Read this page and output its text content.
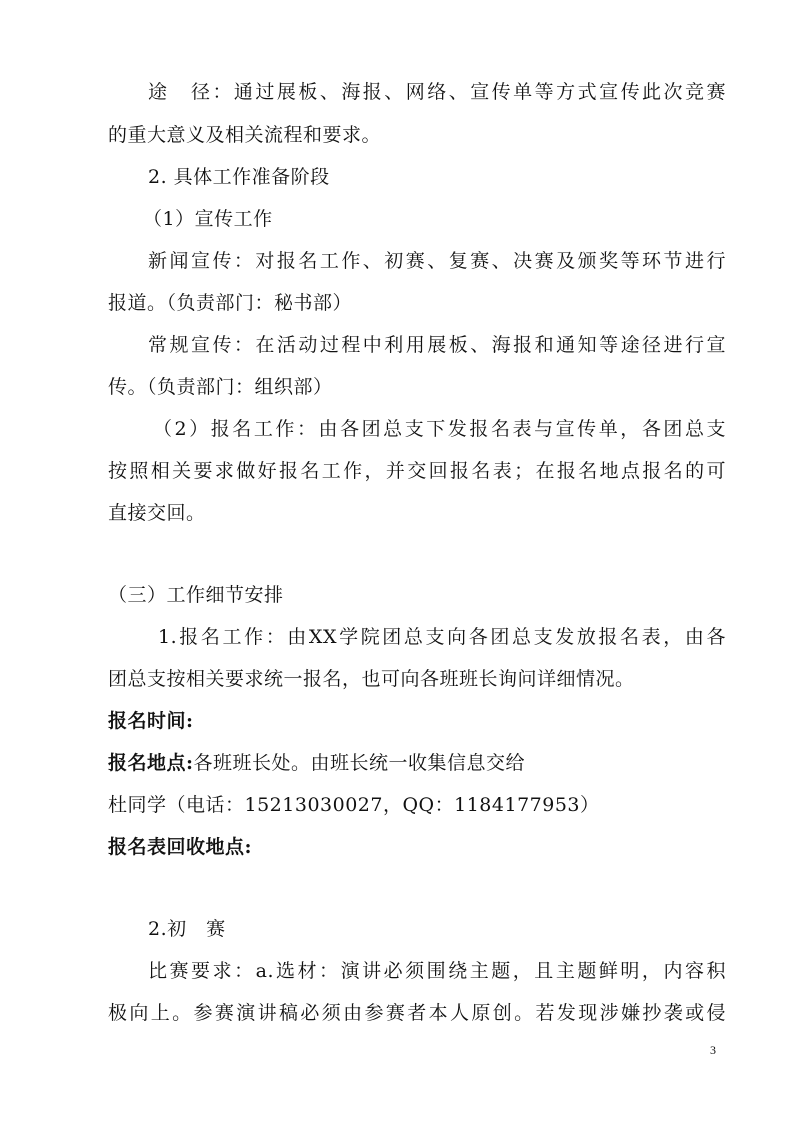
途　径：通过展板、海报、网络、宣传单等方式宣传此次竞赛
的重大意义及相关流程和要求。
2. 具体工作准备阶段
（1）宣传工作
新闻宣传：对报名工作、初赛、复赛、决赛及颁奖等环节进行
报道。（负责部门：秘书部）
常规宣传：在活动过程中利用展板、海报和通知等途径进行宣
传。（负责部门：组织部）
（2）报名工作：由各团总支下发报名表与宣传单，各团总支
按照相关要求做好报名工作，并交回报名表；在报名地点报名的可
直接交回。
（三）工作细节安排
1.报名工作：由XX学院团总支向各团总支发放报名表，由各
团总支按相关要求统一报名，也可向各班班长询问详细情况。
报名时间:
报名地点:各班班长处。由班长统一收集信息交给
杜同学（电话：15213030027，QQ：1184177953）
报名表回收地点:
2.初　赛
比赛要求：a.选材：演讲必须围绕主题，且主题鲜明，内容积
极向上。参赛演讲稿必须由参赛者本人原创。若发现涉嫌抄袭或侵
3
